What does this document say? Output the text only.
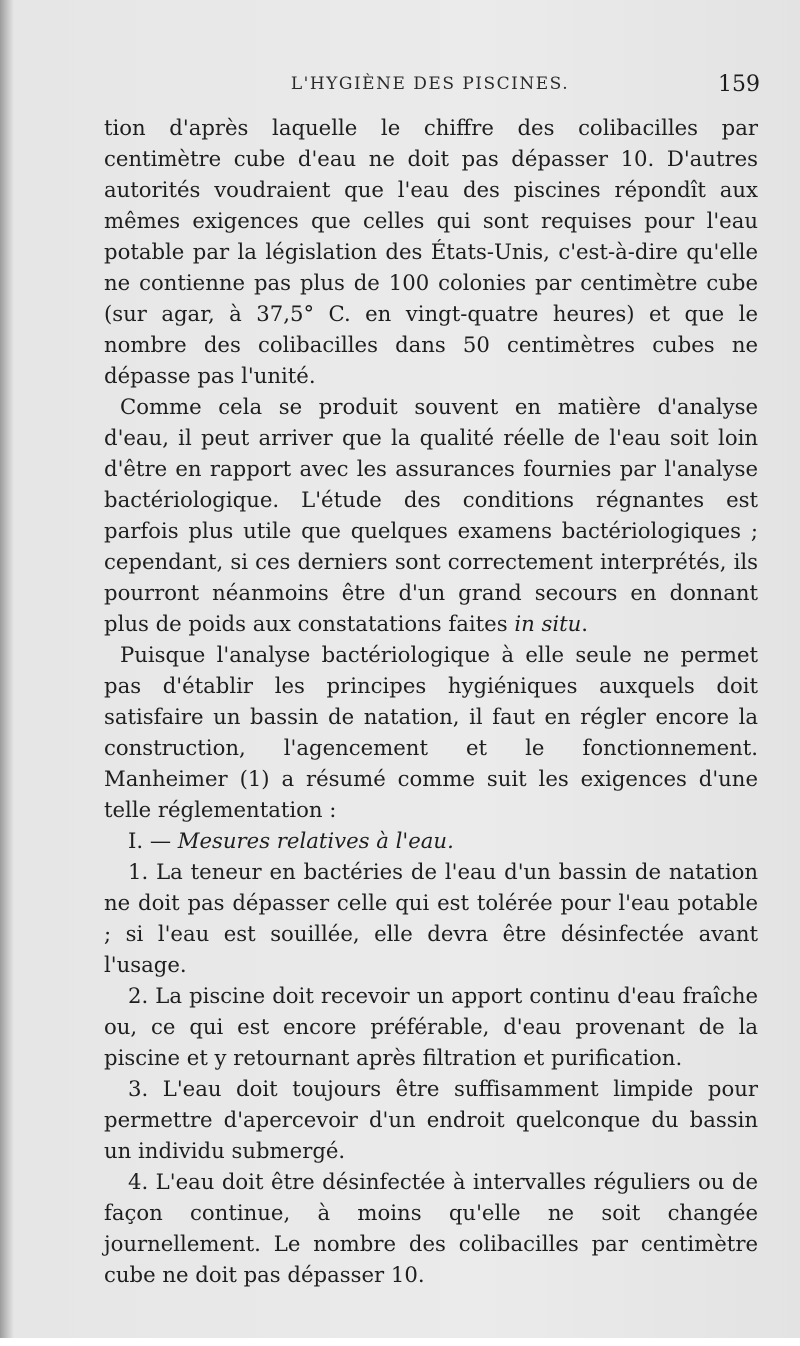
L'HYGIÈNE DES PISCINES.	159

tion d'après laquelle le chiffre des colibacilles par centimètre cube d'eau ne doit pas dépasser 10. D'autres autorités voudraient que l'eau des piscines répondît aux mêmes exigences que celles qui sont requises pour l'eau potable par la législation des États-Unis, c'est-à-dire qu'elle ne contienne pas plus de 100 colonies par centimètre cube (sur agar, à 37,5° C. en vingt-quatre heures) et que le nombre des colibacilles dans 50 centimètres cubes ne dépasse pas l'unité.

Comme cela se produit souvent en matière d'analyse d'eau, il peut arriver que la qualité réelle de l'eau soit loin d'être en rapport avec les assurances fournies par l'analyse bactériologique. L'étude des conditions régnantes est parfois plus utile que quelques examens bactériologiques ; cependant, si ces derniers sont correctement interprétés, ils pourront néanmoins être d'un grand secours en donnant plus de poids aux constatations faites in situ.

Puisque l'analyse bactériologique à elle seule ne permet pas d'établir les principes hygiéniques auxquels doit satisfaire un bassin de natation, il faut en régler encore la construction, l'agencement et le fonctionnement. Manheimer (1) a résumé comme suit les exigences d'une telle réglementation :

I. — Mesures relatives à l'eau.

1. La teneur en bactéries de l'eau d'un bassin de natation ne doit pas dépasser celle qui est tolérée pour l'eau potable ; si l'eau est souillée, elle devra être désinfectée avant l'usage.

2. La piscine doit recevoir un apport continu d'eau fraîche ou, ce qui est encore préférable, d'eau provenant de la piscine et y retournant après filtration et purification.

3. L'eau doit toujours être suffisamment limpide pour permettre d'apercevoir d'un endroit quelconque du bassin un individu submergé.

4. L'eau doit être désinfectée à intervalles réguliers ou de façon continue, à moins qu'elle ne soit changée journellement. Le nombre des colibacilles par centimètre cube ne doit pas dépasser 10.
